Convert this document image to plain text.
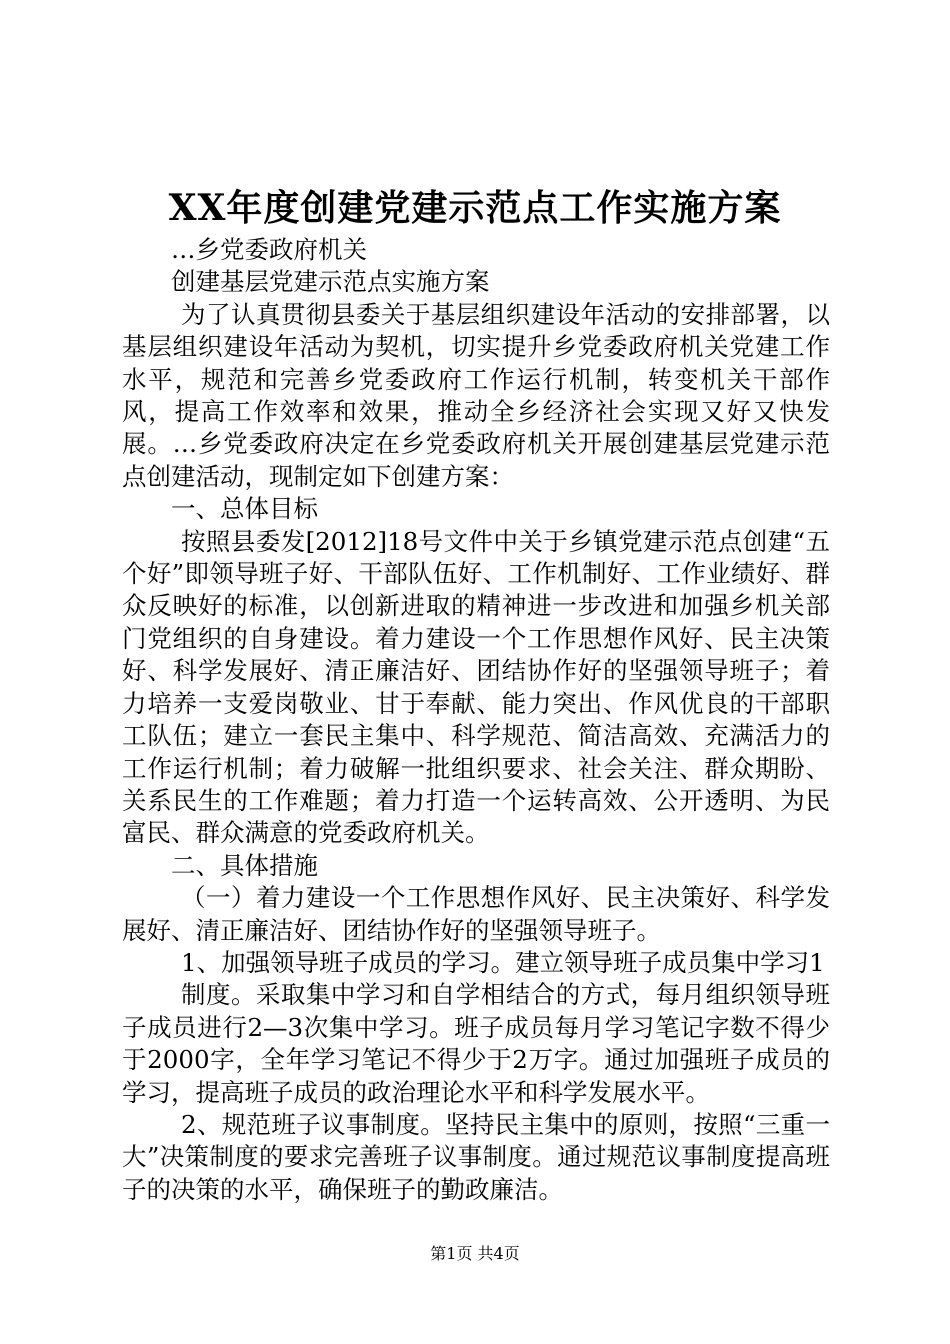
XX年度创建党建示范点工作实施方案

…乡党委政府机关

创建基层党建示范点实施方案

为了认真贯彻县委关于基层组织建设年活动的安排部署，以基层组织建设年活动为契机，切实提升乡党委政府机关党建工作水平，规范和完善乡党委政府工作运行机制，转变机关干部作风，提高工作效率和效果，推动全乡经济社会实现又好又快发展。…乡党委政府决定在乡党委政府机关开展创建基层党建示范点创建活动，现制定如下创建方案：

一、总体目标

按照县委发[2012]18号文件中关于乡镇党建示范点创建“五个好”即领导班子好、干部队伍好、工作机制好、工作业绩好、群众反映好的标准，以创新进取的精神进一步改进和加强乡机关部门党组织的自身建设。着力建设一个工作思想作风好、民主决策好、科学发展好、清正廉洁好、团结协作好的坚强领导班子；着力培养一支爱岗敬业、甘于奉献、能力突出、作风优良的干部职工队伍；建立一套民主集中、科学规范、简洁高效、充满活力的工作运行机制；着力破解一批组织要求、社会关注、群众期盼、关系民生的工作难题；着力打造一个运转高效、公开透明、为民富民、群众满意的党委政府机关。

二、具体措施

（一）着力建设一个工作思想作风好、民主决策好、科学发展好、清正廉洁好、团结协作好的坚强领导班子。

1、加强领导班子成员的学习。建立领导班子成员集中学习1

制度。采取集中学习和自学相结合的方式，每月组织领导班子成员进行2—3次集中学习。班子成员每月学习笔记字数不得少于2000字，全年学习笔记不得少于2万字。通过加强班子成员的学习，提高班子成员的政治理论水平和科学发展水平。

2、规范班子议事制度。坚持民主集中的原则，按照“三重一大”决策制度的要求完善班子议事制度。通过规范议事制度提高班子的决策的水平，确保班子的勤政廉洁。

第1页 共4页
